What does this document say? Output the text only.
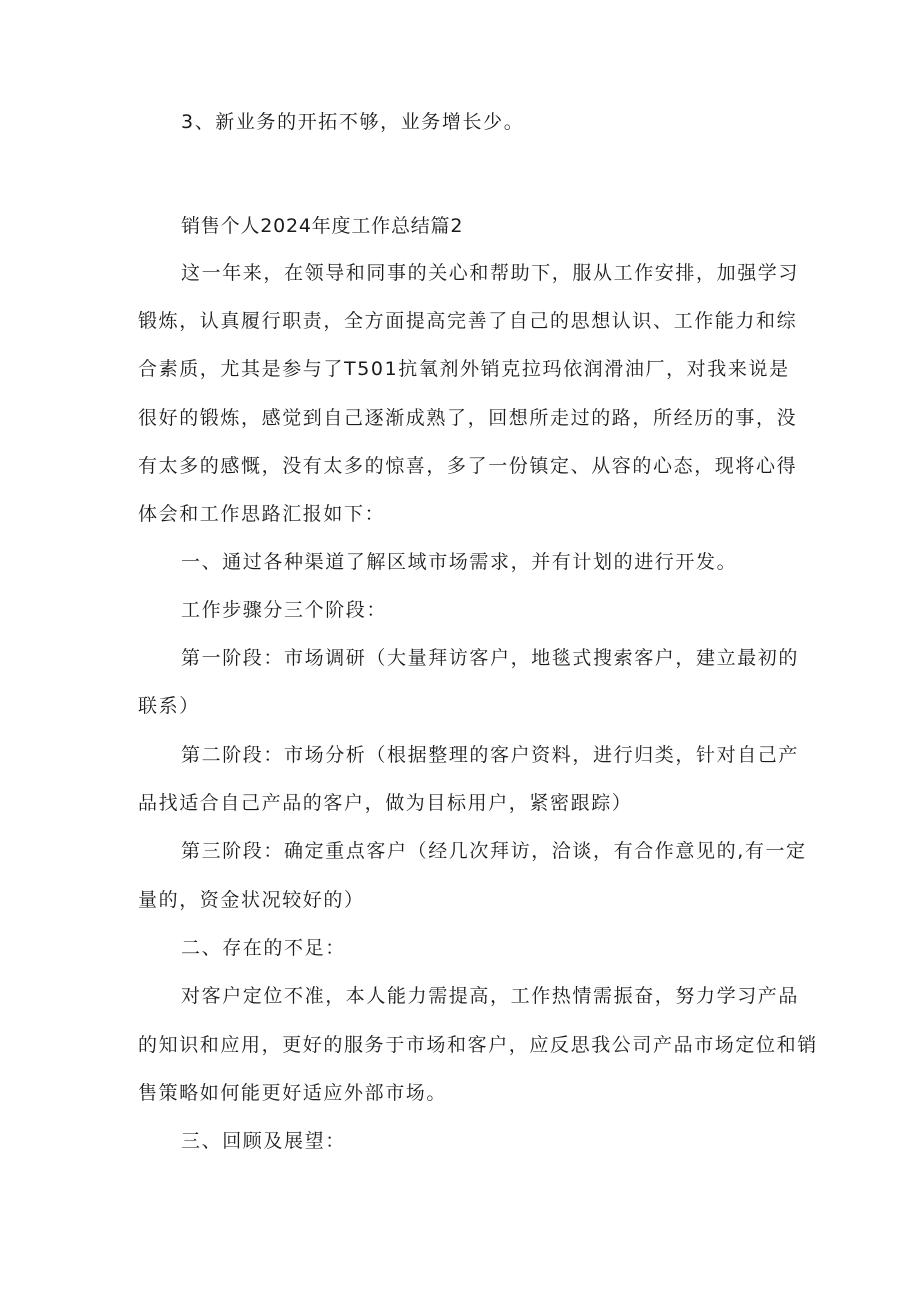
3、新业务的开拓不够，业务增长少。
销售个人2024年度工作总结篇2
这一年来，在领导和同事的关心和帮助下，服从工作安排，加强学习
锻炼，认真履行职责，全方面提高完善了自己的思想认识、工作能力和综
合素质，尤其是参与了T501抗氧剂外销克拉玛依润滑油厂，对我来说是
很好的锻炼，感觉到自己逐渐成熟了，回想所走过的路，所经历的事，没
有太多的感慨，没有太多的惊喜，多了一份镇定、从容的心态，现将心得
体会和工作思路汇报如下：
一、通过各种渠道了解区域市场需求，并有计划的进行开发。
工作步骤分三个阶段：
第一阶段：市场调研（大量拜访客户，地毯式搜索客户，建立最初的
联系）
第二阶段：市场分析（根据整理的客户资料，进行归类，针对自己产
品找适合自己产品的客户，做为目标用户，紧密跟踪）
第三阶段：确定重点客户（经几次拜访，洽谈，有合作意见的,有一定
量的，资金状况较好的）
二、存在的不足：
对客户定位不准，本人能力需提高，工作热情需振奋，努力学习产品
的知识和应用，更好的服务于市场和客户，应反思我公司产品市场定位和销
售策略如何能更好适应外部市场。
三、回顾及展望：
